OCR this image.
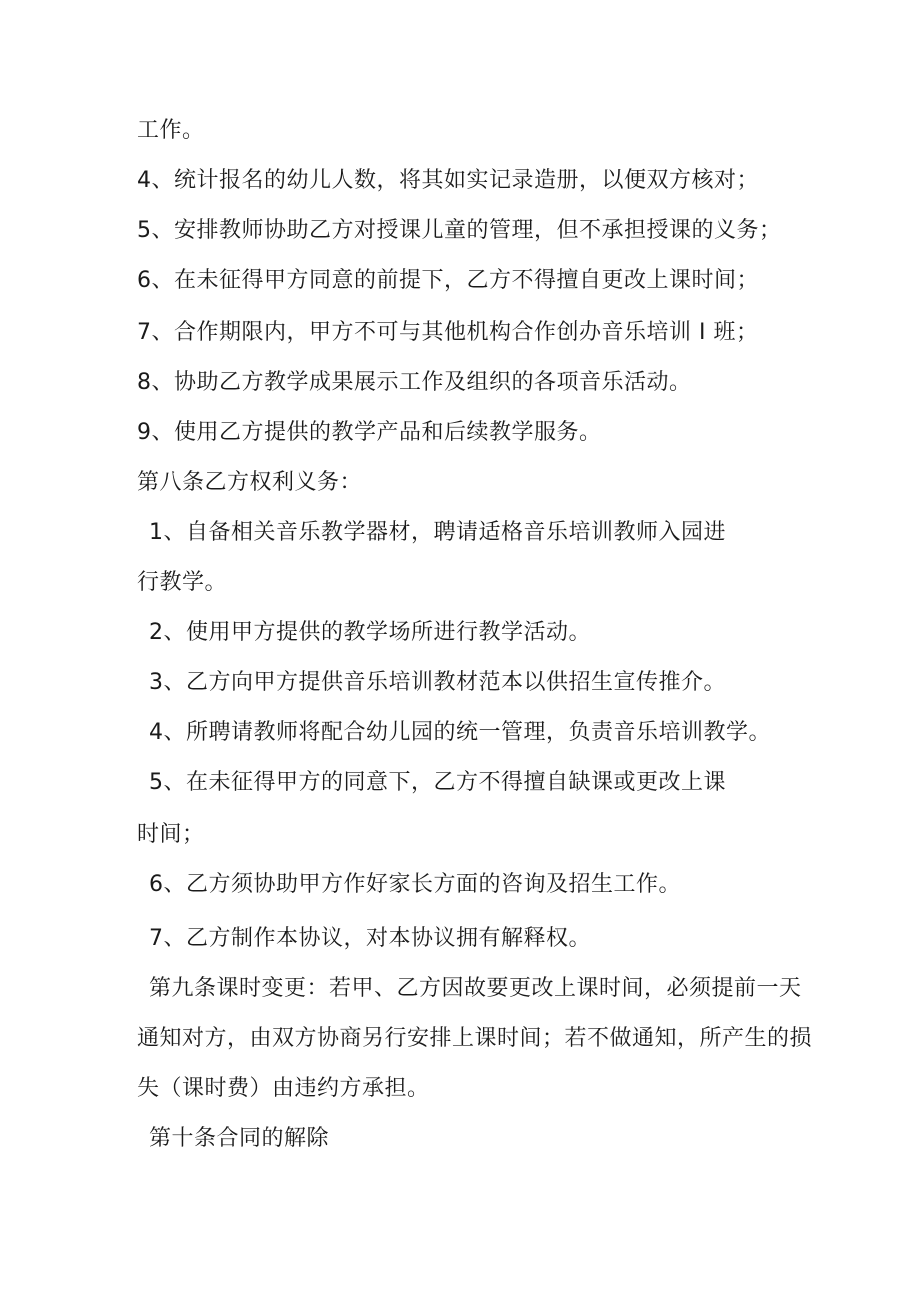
工作。
4、统计报名的幼儿人数，将其如实记录造册，以便双方核对；
5、安排教师协助乙方对授课儿童的管理，但不承担授课的义务；
6、在未征得甲方同意的前提下，乙方不得擅自更改上课时间；
7、合作期限内，甲方不可与其他机构合作创办音乐培训 I 班；
8、协助乙方教学成果展示工作及组织的各项音乐活动。
9、使用乙方提供的教学产品和后续教学服务。
第八条乙方权利义务：
1、自备相关音乐教学器材，聘请适格音乐培训教师入园进
行教学。
2、使用甲方提供的教学场所进行教学活动。
3、乙方向甲方提供音乐培训教材范本以供招生宣传推介。
4、所聘请教师将配合幼儿园的统一管理，负责音乐培训教学。
5、在未征得甲方的同意下，乙方不得擅自缺课或更改上课
时间；
6、乙方须协助甲方作好家长方面的咨询及招生工作。
7、乙方制作本协议，对本协议拥有解释权。
第九条课时变更：若甲、乙方因故要更改上课时间，必须提前一天
通知对方，由双方协商另行安排上课时间；若不做通知，所产生的损
失（课时费）由违约方承担。
第十条合同的解除
